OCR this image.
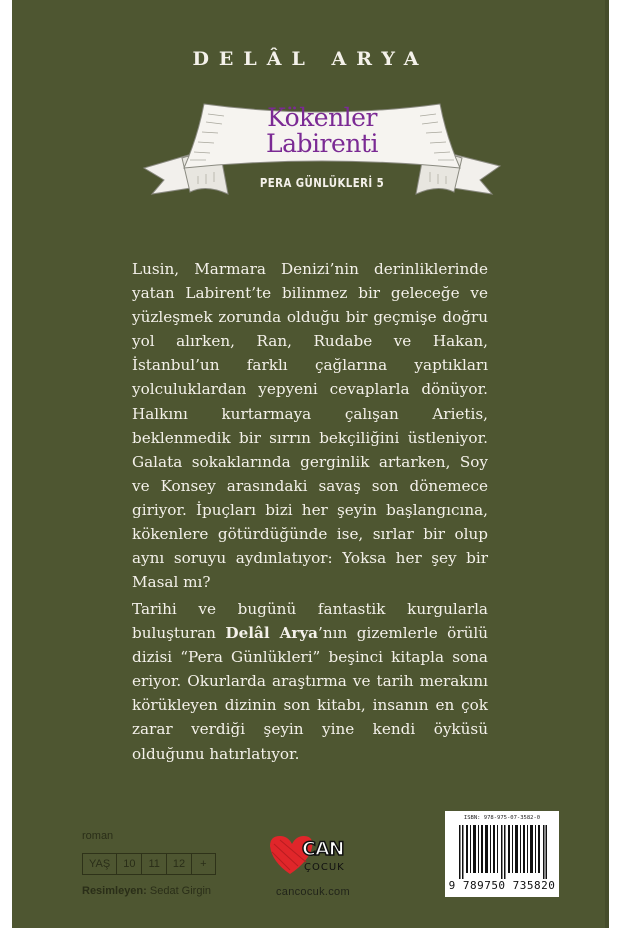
DELÂL ARYA
Kökenler
Labirenti
PERA GÜNLÜKLERİ 5

Lusin, Marmara Denizi’nin derinliklerinde yatan Labirent’te bilinmez bir geleceğe ve yüzleşmek zorunda olduğu bir geçmişe doğru yol alırken, Ran, Rudabe ve Hakan, İstanbul’un farklı çağlarına yaptıkları yolculuklardan yepyeni cevaplarla dönüyor. Halkını kurtarmaya çalışan Arietis, beklenmedik bir sırrın bekçiliğini üstleniyor. Galata sokaklarında gerginlik artarken, Soy ve Konsey arasındaki savaş son dönemece giriyor. İpuçları bizi her şeyin başlangıcına, kökenlere götürdüğünde ise, sırlar bir olup aynı soruyu aydınlatıyor: Yoksa her şey bir Masal mı?

Tarihi ve bugünü fantastik kurgularla buluşturan Delâl Arya’nın gizemlerle örülü dizisi “Pera Günlükleri” beşinci kitapla sona eriyor. Okurlarda araştırma ve tarih merakını körükleyen dizinin son kitabı, insanın en çok zarar verdiği şeyin yine kendi öyküsü olduğunu hatırlatıyor.

roman
YAŞ	10	11	12	+
Resimleyen: Sedat Girgin
CAN
ÇOCUK
cancocuk.com
ISBN: 978-975-07-3582-0
9 789750 735820
